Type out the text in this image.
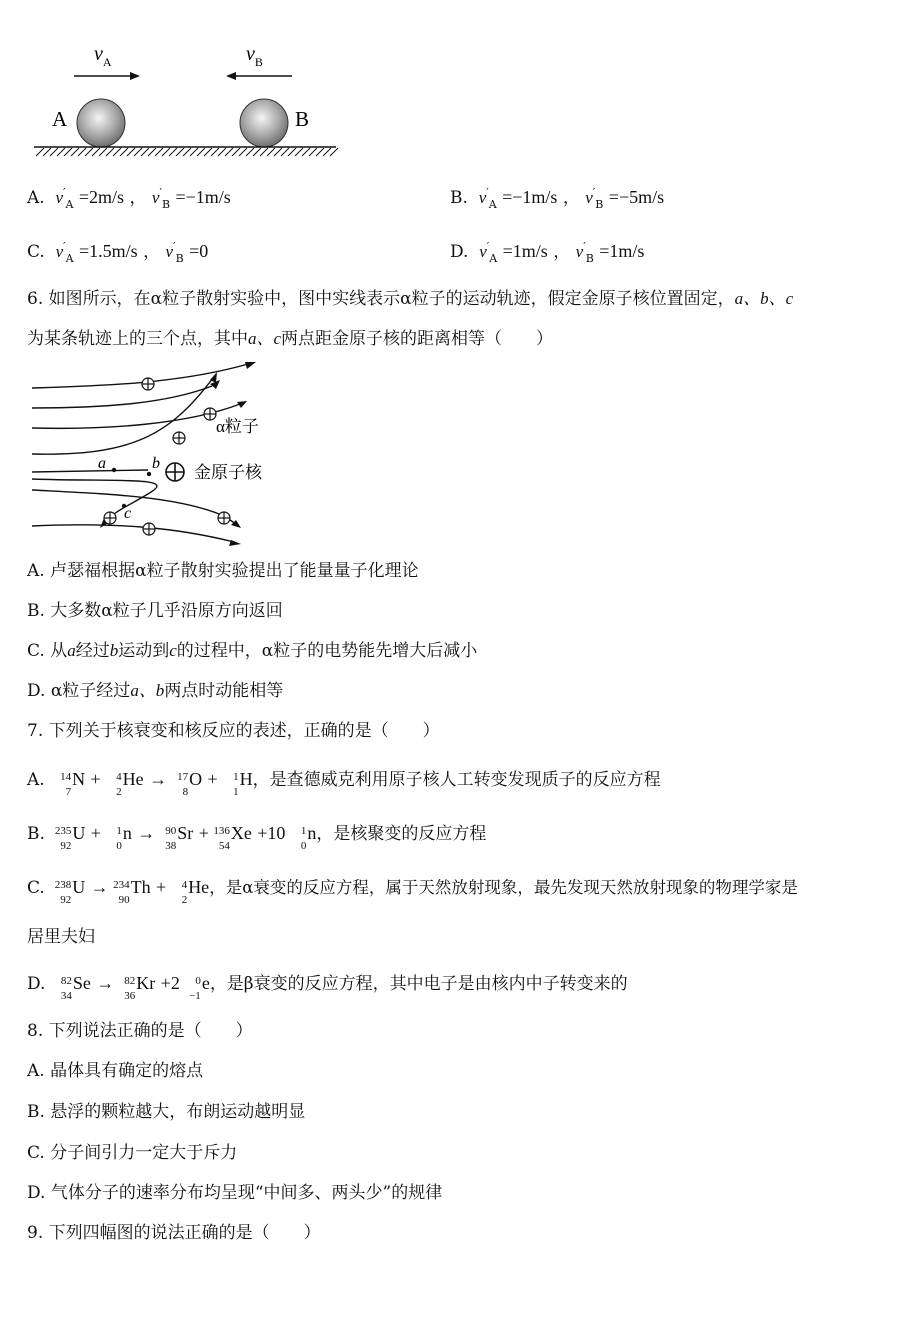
$v_A$	$v_B$
A	B
A. $v'_A =2m/s$ ， $v'_B =-1m/s$	B. $v'_A =-1m/s$ ， $v'_B =-5m/s$
C. $v'_A =1.5m/s$ ， $v'_B =0$	D. $v'_A =1m/s$ ， $v'_B =1m/s$
6. 如图所示，在α粒子散射实验中，图中实线表示α粒子的运动轨迹，假定金原子核位置固定，a、b、c
为某条轨迹上的三个点，其中a、c两点距金原子核的距离相等（　　）
a	b
c
α粒子
金原子核
A. 卢瑟福根据α粒子散射实验提出了能量量子化理论
B. 大多数α粒子几乎沿原方向返回
C. 从a经过b运动到c的过程中，α粒子的电势能先增大后减小
D. α粒子经过a、b两点时动能相等
7. 下列关于核衰变和核反应的表述，正确的是（　　）
A. 14
7
N + 4
2
He → 17
8
O + 1
1
H，是查德威克利用原子核人工转变发现质子的反应方程
B. 235
92
U + 1
0
n → 90
38
Sr + 136
54
Xe +10 1
0
n，是核聚变的反应方程
C. 238
92
U → 234
90
Th + 4
2
He，是α衰变的反应方程，属于天然放射现象，最先发现天然放射现象的物理学家是
居里夫妇
D. 82
34
Se → 82
36
Kr +2 0
−1
e，是β衰变的反应方程，其中电子是由核内中子转变来的
8. 下列说法正确的是（　　）
A. 晶体具有确定的熔点
B. 悬浮的颗粒越大，布朗运动越明显
C. 分子间引力一定大于斥力
D. 气体分子的速率分布均呈现“中间多、两头少”的规律
9. 下列四幅图的说法正确的是（　　）
